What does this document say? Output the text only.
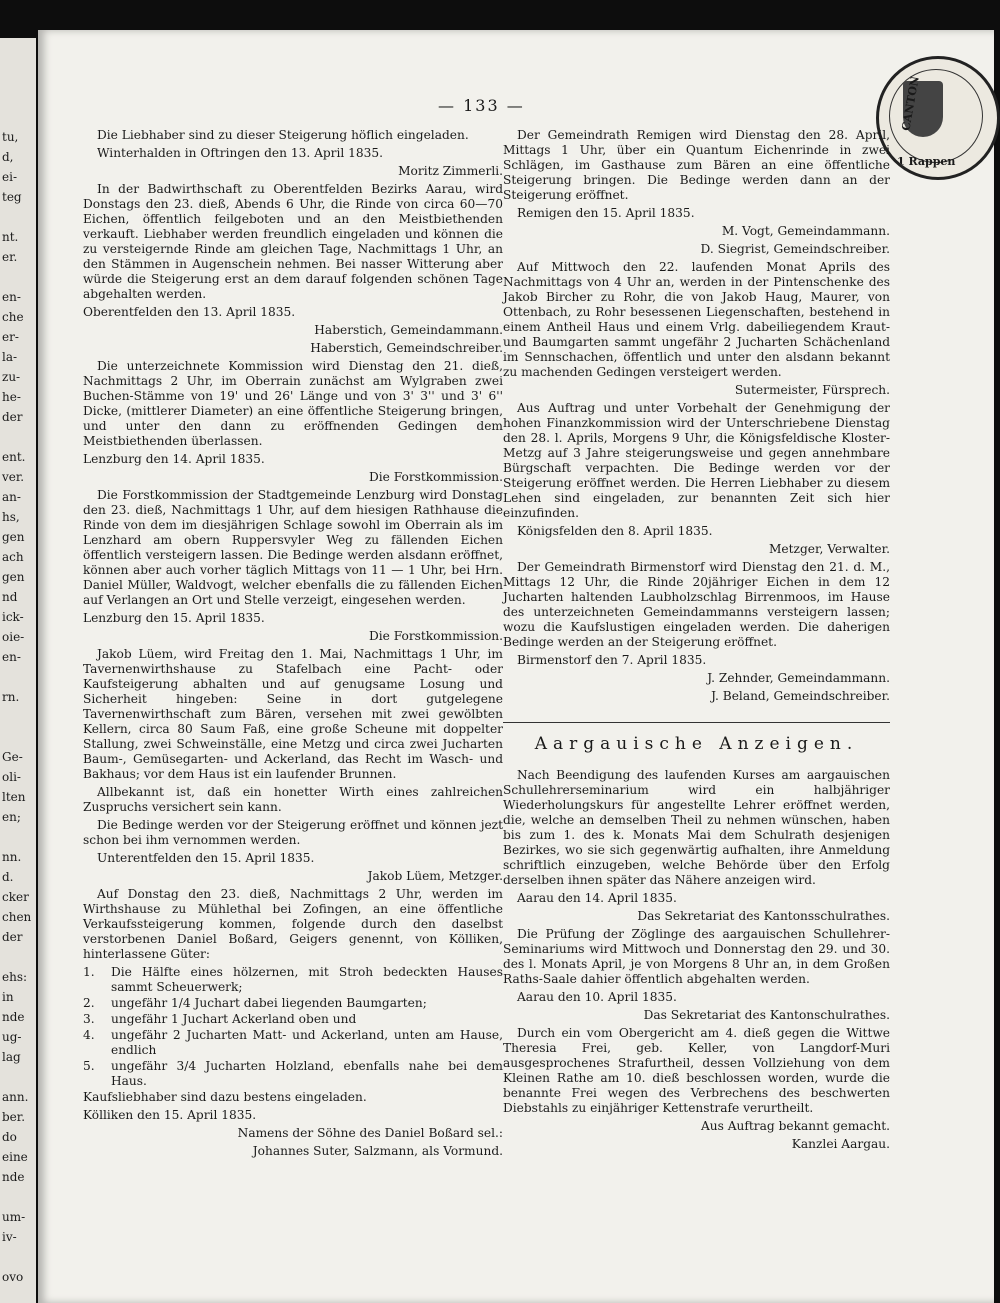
tu,
d,
ei-
teg
nt.
er.
en-
che
er-
la-
zu-
he-
der
ent.
ver.
an-
hs,
gen
ach
gen
nd
ick-
oie-
en-
rn.
Ge-
oli-
lten
en;
nn.
d.
cker
chen
der
ehs:
in
nde
ug-
lag
ann.
ber.
do
eine
nde
um-
iv-
ovo
— 133 —	CANTON
1 Rappen

Die Liebhaber sind zu dieser Steigerung höflich eingeladen.

Winterhalden in Oftringen den 13. April 1835.

Moritz Zimmerli.

In der Badwirthschaft zu Oberentfelden Bezirks Aarau, wird Donstags den 23. dieß, Abends 6 Uhr, die Rinde von circa 60—70 Eichen, öffentlich feilgeboten und an den Meistbiethenden verkauft. Liebhaber werden freundlich eingeladen und können die zu versteigernde Rinde am gleichen Tage, Nachmittags 1 Uhr, an den Stämmen in Augenschein nehmen. Bei nasser Witterung aber würde die Steigerung erst an dem darauf folgenden schönen Tage abgehalten werden.

Oberentfelden den 13. April 1835.

Haberstich, Gemeindammann.

Haberstich, Gemeindschreiber.

Die unterzeichnete Kommission wird Dienstag den 21. dieß, Nachmittags 2 Uhr, im Oberrain zunächst am Wylgraben zwei Buchen-Stämme von 19' und 26' Länge und von 3' 3'' und 3' 6'' Dicke, (mittlerer Diameter) an eine öffentliche Steigerung bringen, und unter den dann zu eröffnenden Gedingen dem Meistbiethenden überlassen.

Lenzburg den 14. April 1835.

Die Forstkommission.

Die Forstkommission der Stadtgemeinde Lenzburg wird Donstag den 23. dieß, Nachmittags 1 Uhr, auf dem hiesigen Rathhause die Rinde von dem im diesjährigen Schlage sowohl im Oberrain als im Lenzhard am obern Ruppersvyler Weg zu fällenden Eichen öffentlich versteigern lassen. Die Bedinge werden alsdann eröffnet, können aber auch vorher täglich Mittags von 11 — 1 Uhr, bei Hrn. Daniel Müller, Waldvogt, welcher ebenfalls die zu fällenden Eichen auf Verlangen an Ort und Stelle verzeigt, eingesehen werden.

Lenzburg den 15. April 1835.

Die Forstkommission.

Jakob Lüem, wird Freitag den 1. Mai, Nachmittags 1 Uhr, im Tavernenwirthshause zu Stafelbach eine Pacht- oder Kaufsteigerung abhalten und auf genugsame Losung und Sicherheit hingeben: Seine in dort gutgelegene Tavernenwirthschaft zum Bären, versehen mit zwei gewölbten Kellern, circa 80 Saum Faß, eine große Scheune mit doppelter Stallung, zwei Schweinställe, eine Metzg und circa zwei Jucharten Baum-, Gemüsegarten- und Ackerland, das Recht im Wasch- und Bakhaus; vor dem Haus ist ein laufender Brunnen.

Allbekannt ist, daß ein honetter Wirth eines zahlreichen Zuspruchs versichert sein kann.

Die Bedinge werden vor der Steigerung eröffnet und können jezt schon bei ihm vernommen werden.

Unterentfelden den 15. April 1835.

Jakob Lüem, Metzger.

Auf Donstag den 23. dieß, Nachmittags 2 Uhr, werden im Wirthshause zu Mühlethal bei Zofingen, an eine öffentliche Verkaufssteigerung kommen, folgende durch den daselbst verstorbenen Daniel Boßard, Geigers genennt, von Kölliken, hinterlassene Güter:

1. Die Hälfte eines hölzernen, mit Stroh bedeckten Hauses sammt Scheuerwerk;

2. ungefähr 1/4 Juchart dabei liegenden Baumgarten;

3. ungefähr 1 Juchart Ackerland oben und

4. ungefähr 2 Jucharten Matt- und Ackerland, unten am Hause, endlich

5. ungefähr 3/4 Jucharten Holzland, ebenfalls nahe bei dem Haus.

Kaufsliebhaber sind dazu bestens eingeladen.

Kölliken den 15. April 1835.

Namens der Söhne des Daniel Boßard sel.:

Johannes Suter, Salzmann, als Vormund.

Der Gemeindrath Remigen wird Dienstag den 28. April, Mittags 1 Uhr, über ein Quantum Eichenrinde in zwei Schlägen, im Gasthause zum Bären an eine öffentliche Steigerung bringen. Die Bedinge werden dann an der Steigerung eröffnet.

Remigen den 15. April 1835.

M. Vogt, Gemeindammann.

D. Siegrist, Gemeindschreiber.

Auf Mittwoch den 22. laufenden Monat Aprils des Nachmittags von 4 Uhr an, werden in der Pintenschenke des Jakob Bircher zu Rohr, die von Jakob Haug, Maurer, von Ottenbach, zu Rohr besessenen Liegenschaften, bestehend in einem Antheil Haus und einem Vrlg. dabeiliegendem Kraut- und Baumgarten sammt ungefähr 2 Jucharten Schächenland im Sennschachen, öffentlich und unter den alsdann bekannt zu machenden Gedingen versteigert werden.

Sutermeister, Fürsprech.

Aus Auftrag und unter Vorbehalt der Genehmigung der hohen Finanzkommission wird der Unterschriebene Dienstag den 28. l. Aprils, Morgens 9 Uhr, die Königsfeldische Kloster-Metzg auf 3 Jahre steigerungsweise und gegen annehmbare Bürgschaft verpachten. Die Bedinge werden vor der Steigerung eröffnet werden. Die Herren Liebhaber zu diesem Lehen sind eingeladen, zur benannten Zeit sich hier einzufinden.

Königsfelden den 8. April 1835.

Metzger, Verwalter.

Der Gemeindrath Birmenstorf wird Dienstag den 21. d. M., Mittags 12 Uhr, die Rinde 20jähriger Eichen in dem 12 Jucharten haltenden Laubholzschlag Birrenmoos, im Hause des unterzeichneten Gemeindammanns versteigern lassen; wozu die Kaufslustigen eingeladen werden. Die daherigen Bedinge werden an der Steigerung eröffnet.

Birmenstorf den 7. April 1835.

J. Zehnder, Gemeindammann.

J. Beland, Gemeindschreiber.

Aargauische Anzeigen.

Nach Beendigung des laufenden Kurses am aargauischen Schullehrerseminarium wird ein halbjähriger Wiederholungskurs für angestellte Lehrer eröffnet werden, die, welche an demselben Theil zu nehmen wünschen, haben bis zum 1. des k. Monats Mai dem Schulrath desjenigen Bezirkes, wo sie sich gegenwärtig aufhalten, ihre Anmeldung schriftlich einzugeben, welche Behörde über den Erfolg derselben ihnen später das Nähere anzeigen wird.

Aarau den 14. April 1835.

Das Sekretariat des Kantonsschulrathes.

Die Prüfung der Zöglinge des aargauischen Schullehrer-Seminariums wird Mittwoch und Donnerstag den 29. und 30. des l. Monats April, je von Morgens 8 Uhr an, in dem Großen Raths-Saale dahier öffentlich abgehalten werden.

Aarau den 10. April 1835.

Das Sekretariat des Kantonschulrathes.

Durch ein vom Obergericht am 4. dieß gegen die Wittwe Theresia Frei, geb. Keller, von Langdorf-Muri ausgesprochenes Strafurtheil, dessen Vollziehung von dem Kleinen Rathe am 10. dieß beschlossen worden, wurde die benannte Frei wegen des Verbrechens des beschwerten Diebstahls zu einjähriger Kettenstrafe verurtheilt.

Aus Auftrag bekannt gemacht.

Kanzlei Aargau.
